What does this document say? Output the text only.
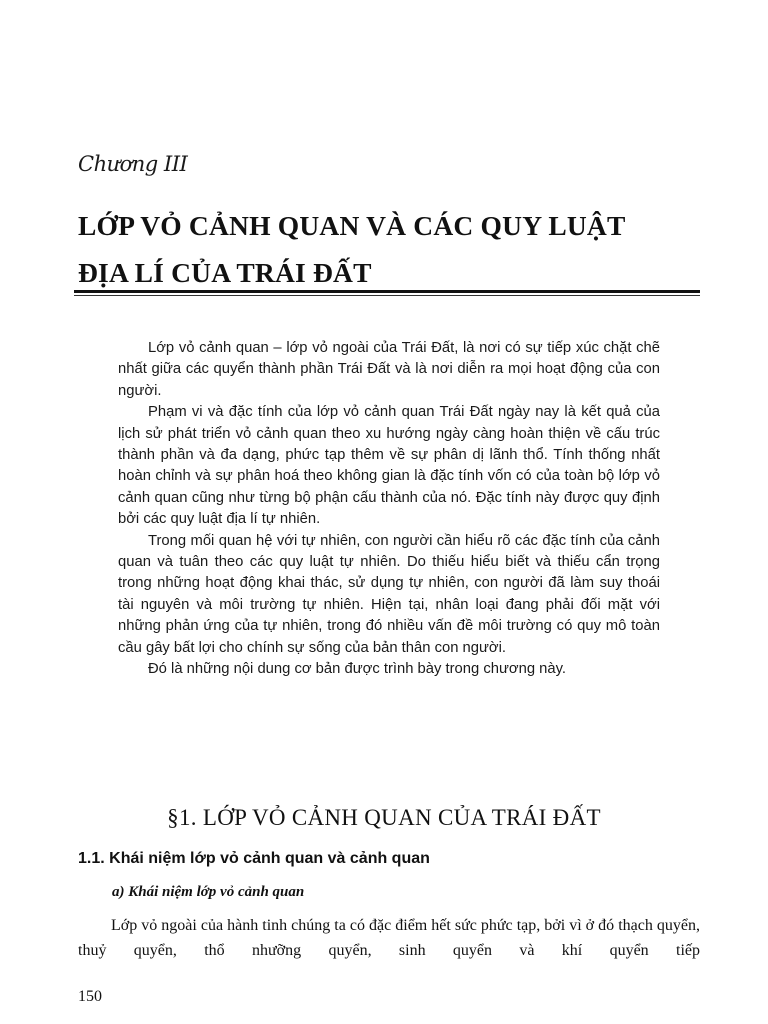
Chương III
LỚP VỎ CẢNH QUAN VÀ CÁC QUY LUẬT
ĐỊA LÍ CỦA TRÁI ĐẤT

Lớp vỏ cảnh quan – lớp vỏ ngoài của Trái Đất, là nơi có sự tiếp xúc chặt chẽ nhất giữa các quyển thành phần Trái Đất và là nơi diễn ra mọi hoạt động của con người.

Phạm vi và đặc tính của lớp vỏ cảnh quan Trái Đất ngày nay là kết quả của lịch sử phát triển vỏ cảnh quan theo xu hướng ngày càng hoàn thiện về cấu trúc thành phần và đa dạng, phức tạp thêm về sự phân dị lãnh thổ. Tính thống nhất hoàn chỉnh và sự phân hoá theo không gian là đặc tính vốn có của toàn bộ lớp vỏ cảnh quan cũng như từng bộ phận cấu thành của nó. Đặc tính này được quy định bởi các quy luật địa lí tự nhiên.

Trong mối quan hệ với tự nhiên, con người cần hiểu rõ các đặc tính của cảnh quan và tuân theo các quy luật tự nhiên. Do thiếu hiểu biết và thiếu cẩn trọng trong những hoạt động khai thác, sử dụng tự nhiên, con người đã làm suy thoái tài nguyên và môi trường tự nhiên. Hiện tại, nhân loại đang phải đối mặt với những phản ứng của tự nhiên, trong đó nhiều vấn đề môi trường có quy mô toàn cầu gây bất lợi cho chính sự sống của bản thân con người.

Đó là những nội dung cơ bản được trình bày trong chương này.

§1. LỚP VỎ CẢNH QUAN CỦA TRÁI ĐẤT
1.1. Khái niệm lớp vỏ cảnh quan và cảnh quan
a) Khái niệm lớp vỏ cảnh quan

Lớp vỏ ngoài của hành tinh chúng ta có đặc điểm hết sức phức tạp, bởi vì ở đó thạch quyển, thuỷ quyển, thổ nhưỡng quyển, sinh quyển và khí quyển tiếp

150
